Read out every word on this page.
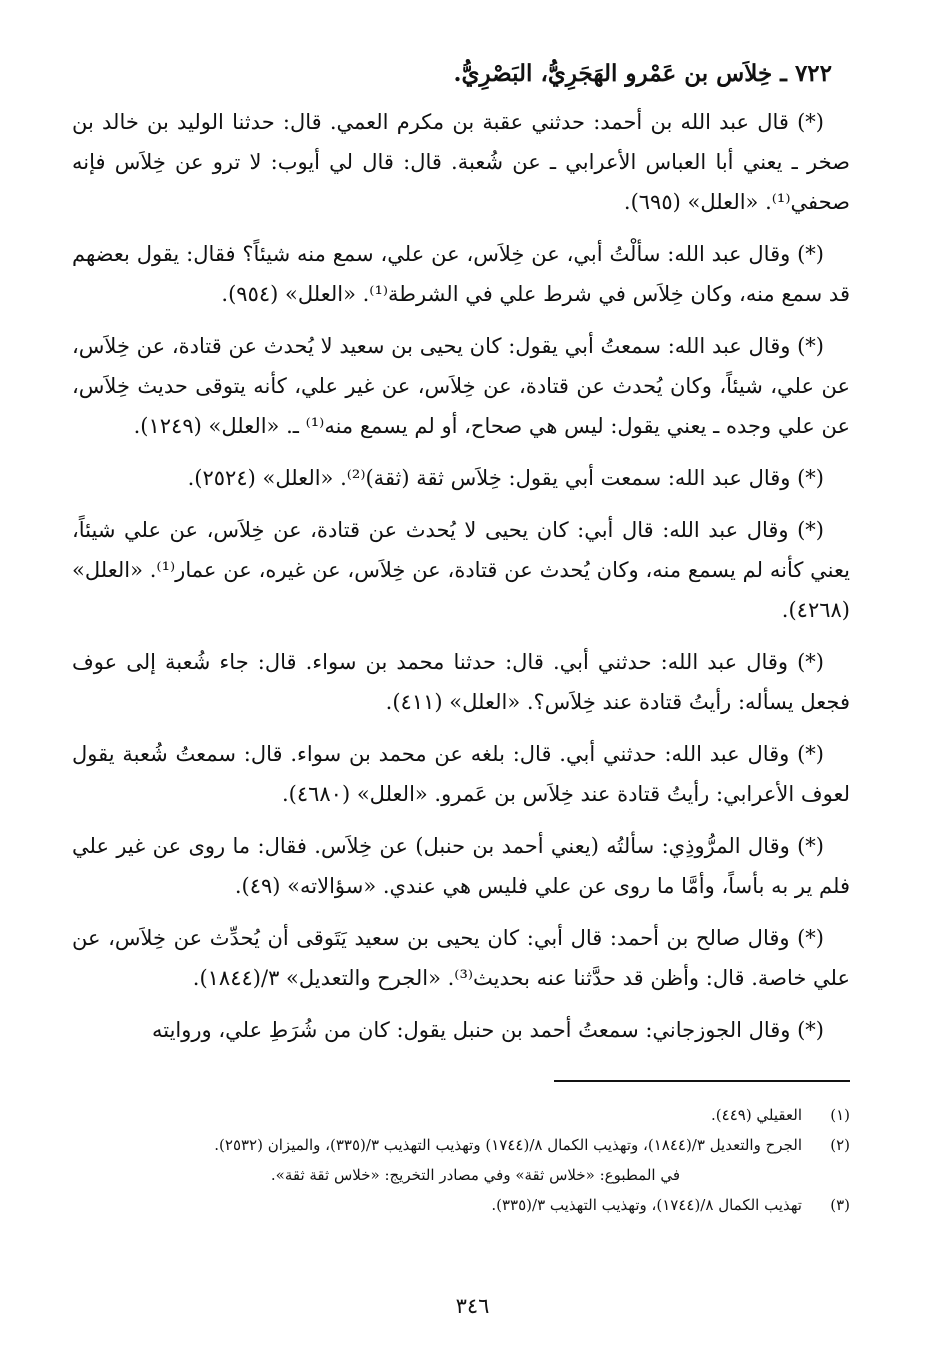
٧٢٢ ـ خِلاَس بن عَمْرو الهَجَرِيُّ، البَصْرِيُّ.

(*) قال عبد الله بن أحمد: حدثني عقبة بن مكرم العمي. قال: حدثنا الوليد بن خالد بن صخر ـ يعني أبا العباس الأعرابي ـ عن شُعبة. قال: قال لي أيوب: لا ترو عن خِلاَس فإنه صحفي⁽¹⁾. «العلل» (٦٩٥).

(*) وقال عبد الله: سألْتُ أبي، عن خِلاَس، عن علي، سمع منه شيئاً؟ فقال: يقول بعضهم قد سمع منه، وكان خِلاَس في شرط علي في الشرطة⁽¹⁾. «العلل» (٩٥٤).

(*) وقال عبد الله: سمعتُ أبي يقول: كان يحيى بن سعيد لا يُحدث عن قتادة، عن خِلاَس، عن علي، شيئاً، وكان يُحدث عن قتادة، عن خِلاَس، عن غير علي، كأنه يتوقى حديث خِلاَس، عن علي وجده ـ يعني يقول: ليس هي صحاح، أو لم يسمع منه⁽¹⁾ ـ. «العلل» (١٢٤٩).

(*) وقال عبد الله: سمعت أبي يقول: خِلاَس ثقة (ثقة)⁽²⁾. «العلل» (٢٥٢٤).

(*) وقال عبد الله: قال أبي: كان يحيى لا يُحدث عن قتادة، عن خِلاَس، عن علي شيئاً، يعني كأنه لم يسمع منه، وكان يُحدث عن قتادة، عن خِلاَس، عن غيره، عن عمار⁽¹⁾. «العلل» (٤٢٦٨).

(*) وقال عبد الله: حدثني أبي. قال: حدثنا محمد بن سواء. قال: جاء شُعبة إلى عوف فجعل يسأله: رأيتُ قتادة عند خِلاَس؟. «العلل» (٤١١).

(*) وقال عبد الله: حدثني أبي. قال: بلغه عن محمد بن سواء. قال: سمعتُ شُعبة يقول لعوف الأعرابي: رأيتُ قتادة عند خِلاَس بن عَمرو. «العلل» (٤٦٨٠).

(*) وقال المرُّوذِي: سألتُه (يعني أحمد بن حنبل) عن خِلاَس. فقال: ما روى عن غير علي فلم ير به بأساً، وأمَّا ما روى عن علي فليس هي عندي. «سؤالاته» (٤٩).

(*) وقال صالح بن أحمد: قال أبي: كان يحيى بن سعيد يَتَوقى أن يُحدِّث عن خِلاَس، عن علي خاصة. قال: وأظن قد حدَّثنا عنه بحديث⁽³⁾. «الجرح والتعديل» ٣/(١٨٤٤).

(*) وقال الجوزجاني: سمعتُ أحمد بن حنبل يقول: كان من شُرَطِ علي، وروايته

(١)
العقيلي (٤٤٩).
(٢)
الجرح والتعديل ٣/(١٨٤٤)، وتهذيب الكمال ٨/(١٧٤٤) وتهذيب التهذيب ٣/(٣٣٥)، والميزان (٢٥٣٢).
في المطبوع: «خلاس ثقة» وفي مصادر التخريج: «خلاس ثقة ثقة».
(٣)
تهذيب الكمال ٨/(١٧٤٤)، وتهذيب التهذيب ٣/(٣٣٥).
٣٤٦
